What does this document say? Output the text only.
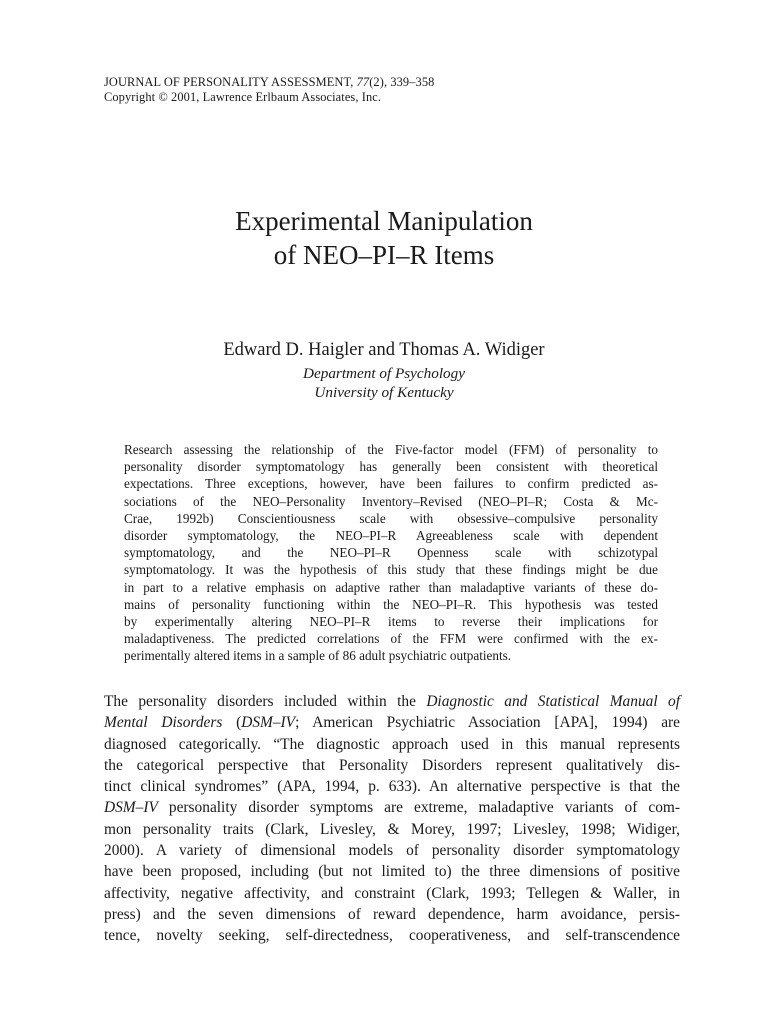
JOURNAL OF PERSONALITY ASSESSMENT, 77(2), 339–358
Copyright © 2001, Lawrence Erlbaum Associates, Inc.
Experimental Manipulation
of NEO–PI–R Items
Edward D. Haigler and Thomas A. Widiger
Department of Psychology
University of Kentucky
Research assessing the relationship of the Five-factor model (FFM) of personality to
personality disorder symptomatology has generally been consistent with theoretical
expectations. Three exceptions, however, have been failures to confirm predicted as-
sociations of the NEO–Personality Inventory–Revised (NEO–PI–R; Costa & Mc-
Crae, 1992b) Conscientiousness scale with obsessive–compulsive personality
disorder symptomatology, the NEO–PI–R Agreeableness scale with dependent
symptomatology, and the NEO–PI–R Openness scale with schizotypal
symptomatology. It was the hypothesis of this study that these findings might be due
in part to a relative emphasis on adaptive rather than maladaptive variants of these do-
mains of personality functioning within the NEO–PI–R. This hypothesis was tested
by experimentally altering NEO–PI–R items to reverse their implications for
maladaptiveness. The predicted correlations of the FFM were confirmed with the ex-
perimentally altered items in a sample of 86 adult psychiatric outpatients.
The personality disorders included within the Diagnostic and Statistical Manual of
Mental Disorders (DSM–IV; American Psychiatric Association [APA], 1994) are
diagnosed categorically. “The diagnostic approach used in this manual represents
the categorical perspective that Personality Disorders represent qualitatively dis-
tinct clinical syndromes” (APA, 1994, p. 633). An alternative perspective is that the
DSM–IV personality disorder symptoms are extreme, maladaptive variants of com-
mon personality traits (Clark, Livesley, & Morey, 1997; Livesley, 1998; Widiger,
2000). A variety of dimensional models of personality disorder symptomatology
have been proposed, including (but not limited to) the three dimensions of positive
affectivity, negative affectivity, and constraint (Clark, 1993; Tellegen & Waller, in
press) and the seven dimensions of reward dependence, harm avoidance, persis-
tence, novelty seeking, self-directedness, cooperativeness, and self-transcendence
